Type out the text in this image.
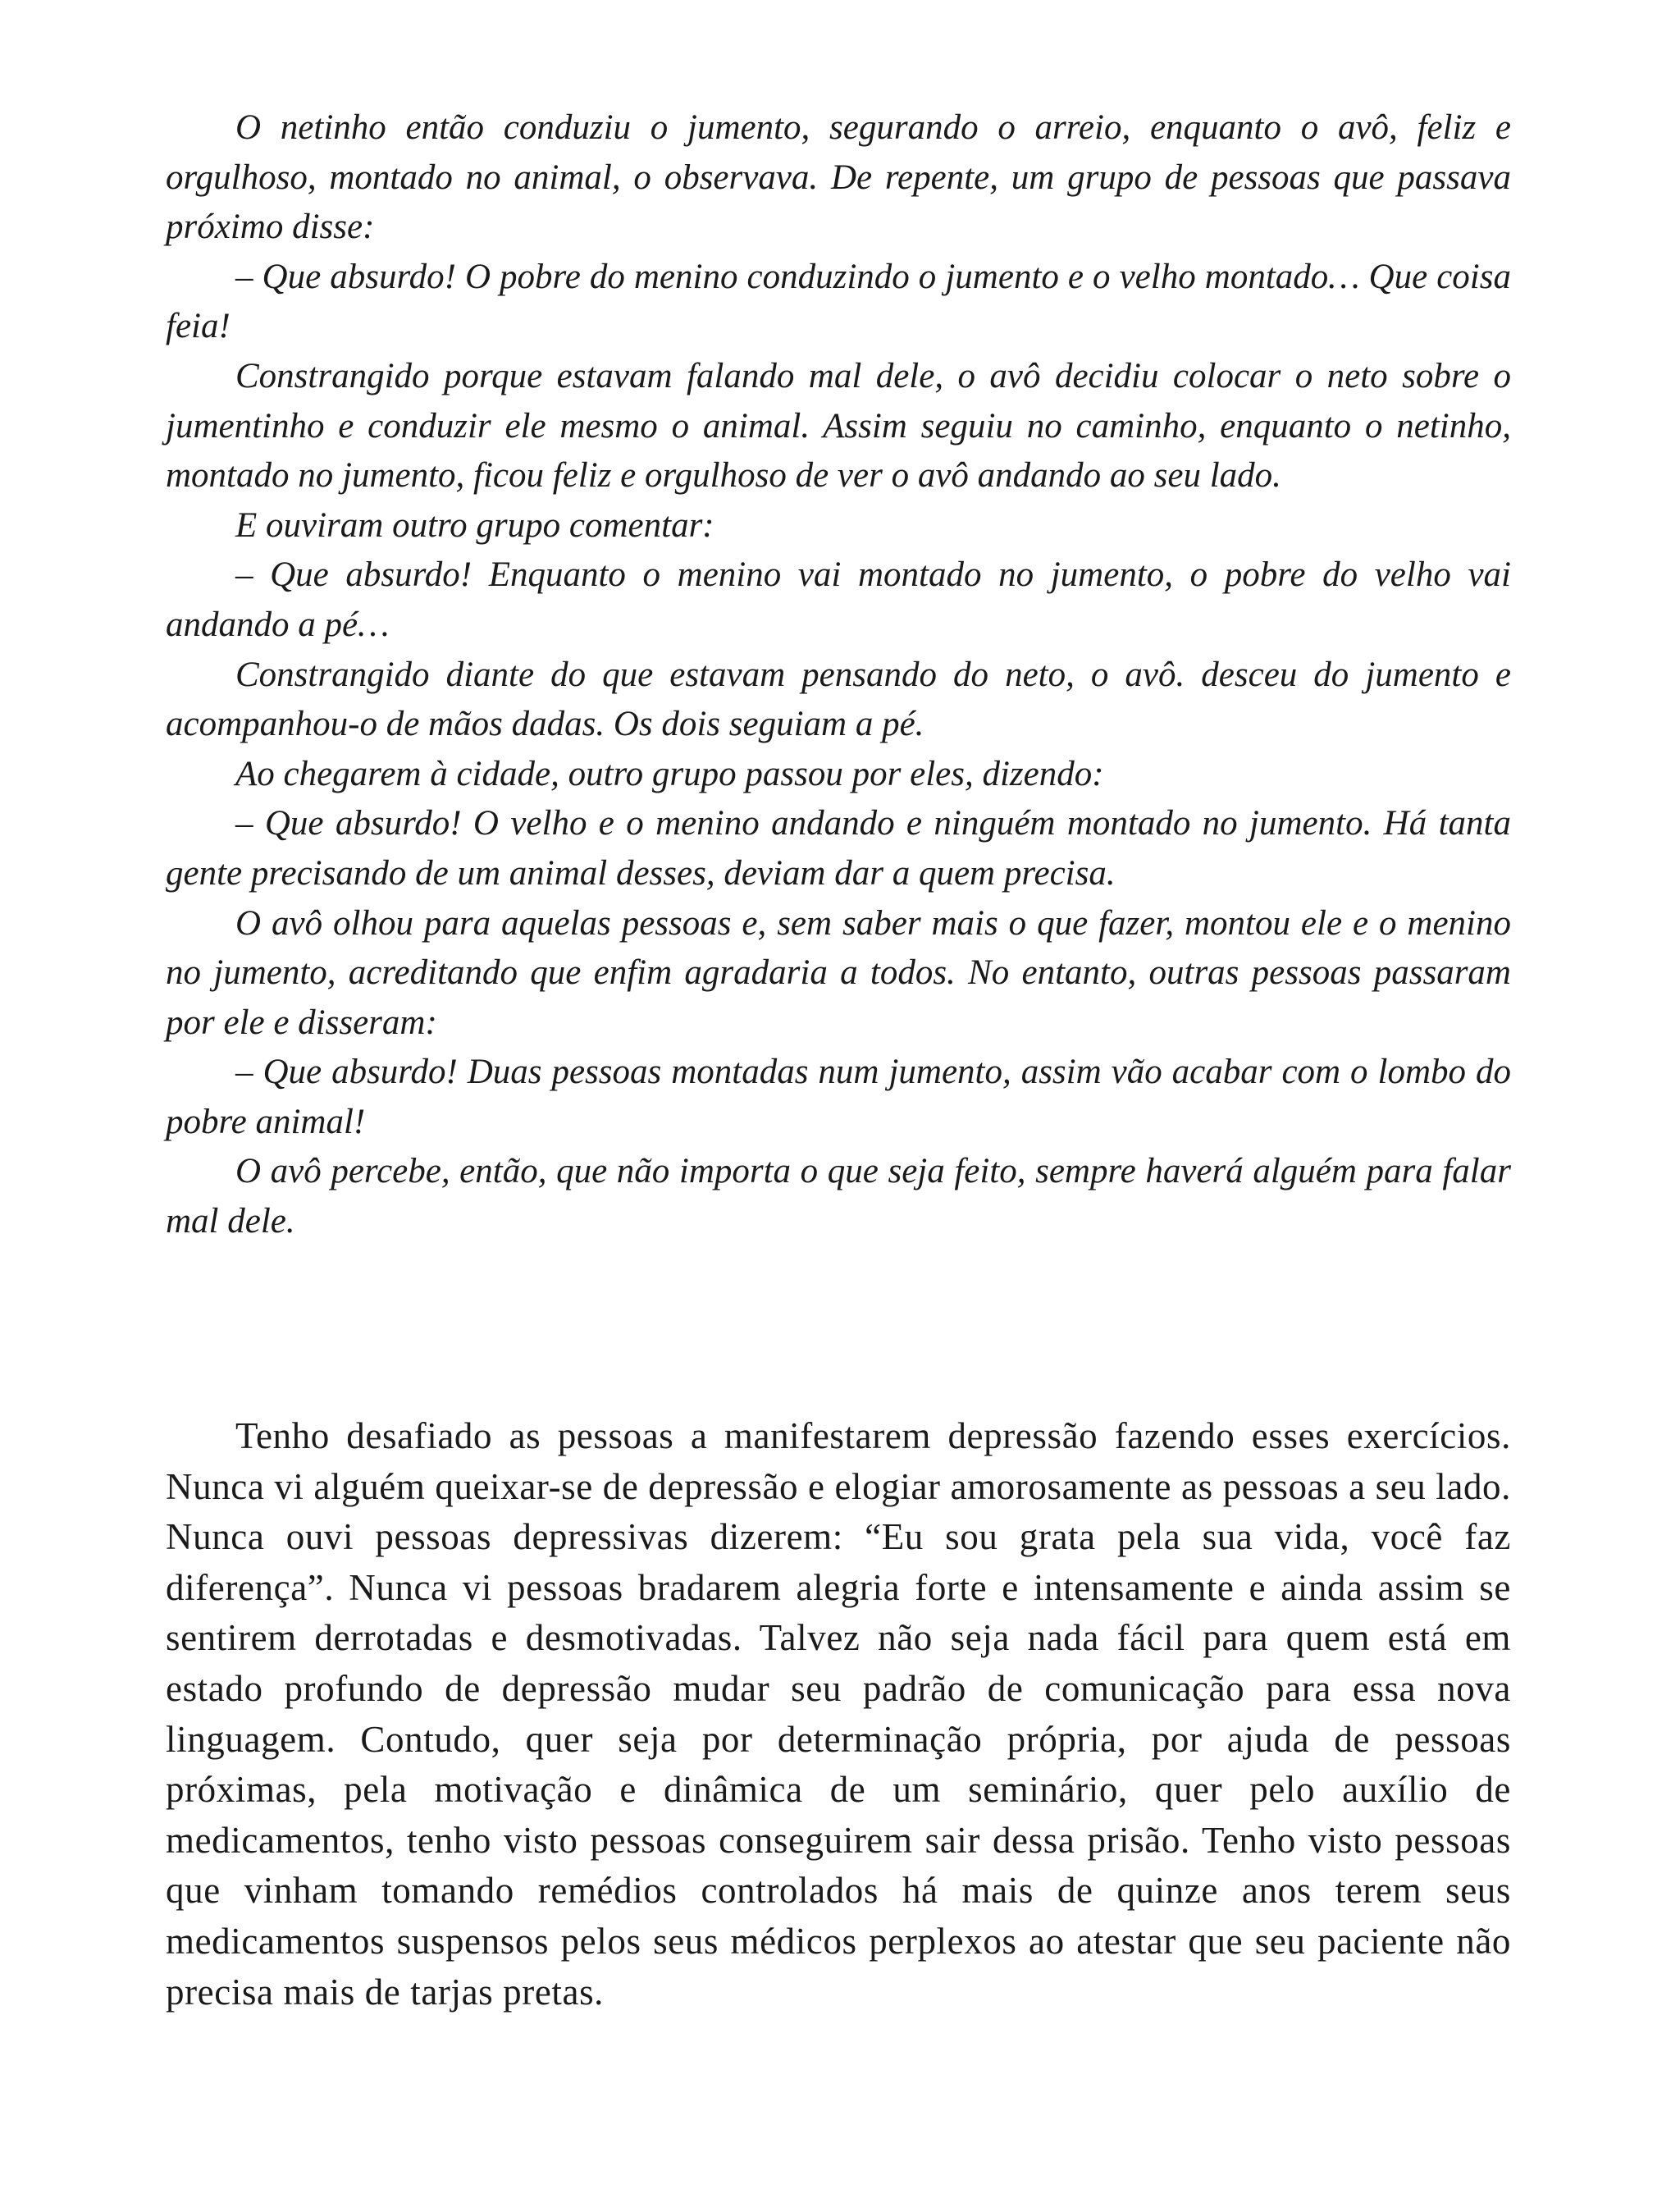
O netinho então conduziu o jumento, segurando o arreio, enquanto o avô, feliz e orgulhoso, montado no animal, o observava. De repente, um grupo de pessoas que passava próximo disse:

– Que absurdo! O pobre do menino conduzindo o jumento e o velho montado… Que coisa feia!

Constrangido porque estavam falando mal dele, o avô decidiu colocar o neto sobre o jumentinho e conduzir ele mesmo o animal. Assim seguiu no caminho, enquanto o netinho, montado no jumento, ficou feliz e orgulhoso de ver o avô andando ao seu lado.

E ouviram outro grupo comentar:

– Que absurdo! Enquanto o menino vai montado no jumento, o pobre do velho vai andando a pé…

Constrangido diante do que estavam pensando do neto, o avô. desceu do jumento e acompanhou-o de mãos dadas. Os dois seguiam a pé.

Ao chegarem à cidade, outro grupo passou por eles, dizendo:

– Que absurdo! O velho e o menino andando e ninguém montado no jumento. Há tanta gente precisando de um animal desses, deviam dar a quem precisa.

O avô olhou para aquelas pessoas e, sem saber mais o que fazer, montou ele e o menino no jumento, acreditando que enfim agradaria a todos. No entanto, outras pessoas passaram por ele e disseram:

– Que absurdo! Duas pessoas montadas num jumento, assim vão acabar com o lombo do pobre animal!

O avô percebe, então, que não importa o que seja feito, sempre haverá alguém para falar mal dele.

Tenho desafiado as pessoas a manifestarem depressão fazendo esses exercícios. Nunca vi alguém queixar-se de depressão e elogiar amorosamente as pessoas a seu lado. Nunca ouvi pessoas depressivas dizerem: “Eu sou grata pela sua vida, você faz diferença”. Nunca vi pessoas bradarem alegria forte e intensamente e ainda assim se sentirem derrotadas e desmotivadas. Talvez não seja nada fácil para quem está em estado profundo de depressão mudar seu padrão de comunicação para essa nova linguagem. Contudo, quer seja por determinação própria, por ajuda de pessoas próximas, pela motivação e dinâmica de um seminário, quer pelo auxílio de medicamentos, tenho visto pessoas conseguirem sair dessa prisão. Tenho visto pessoas que vinham tomando remédios controlados há mais de quinze anos terem seus medicamentos suspensos pelos seus médicos perplexos ao atestar que seu paciente não precisa mais de tarjas pretas.
